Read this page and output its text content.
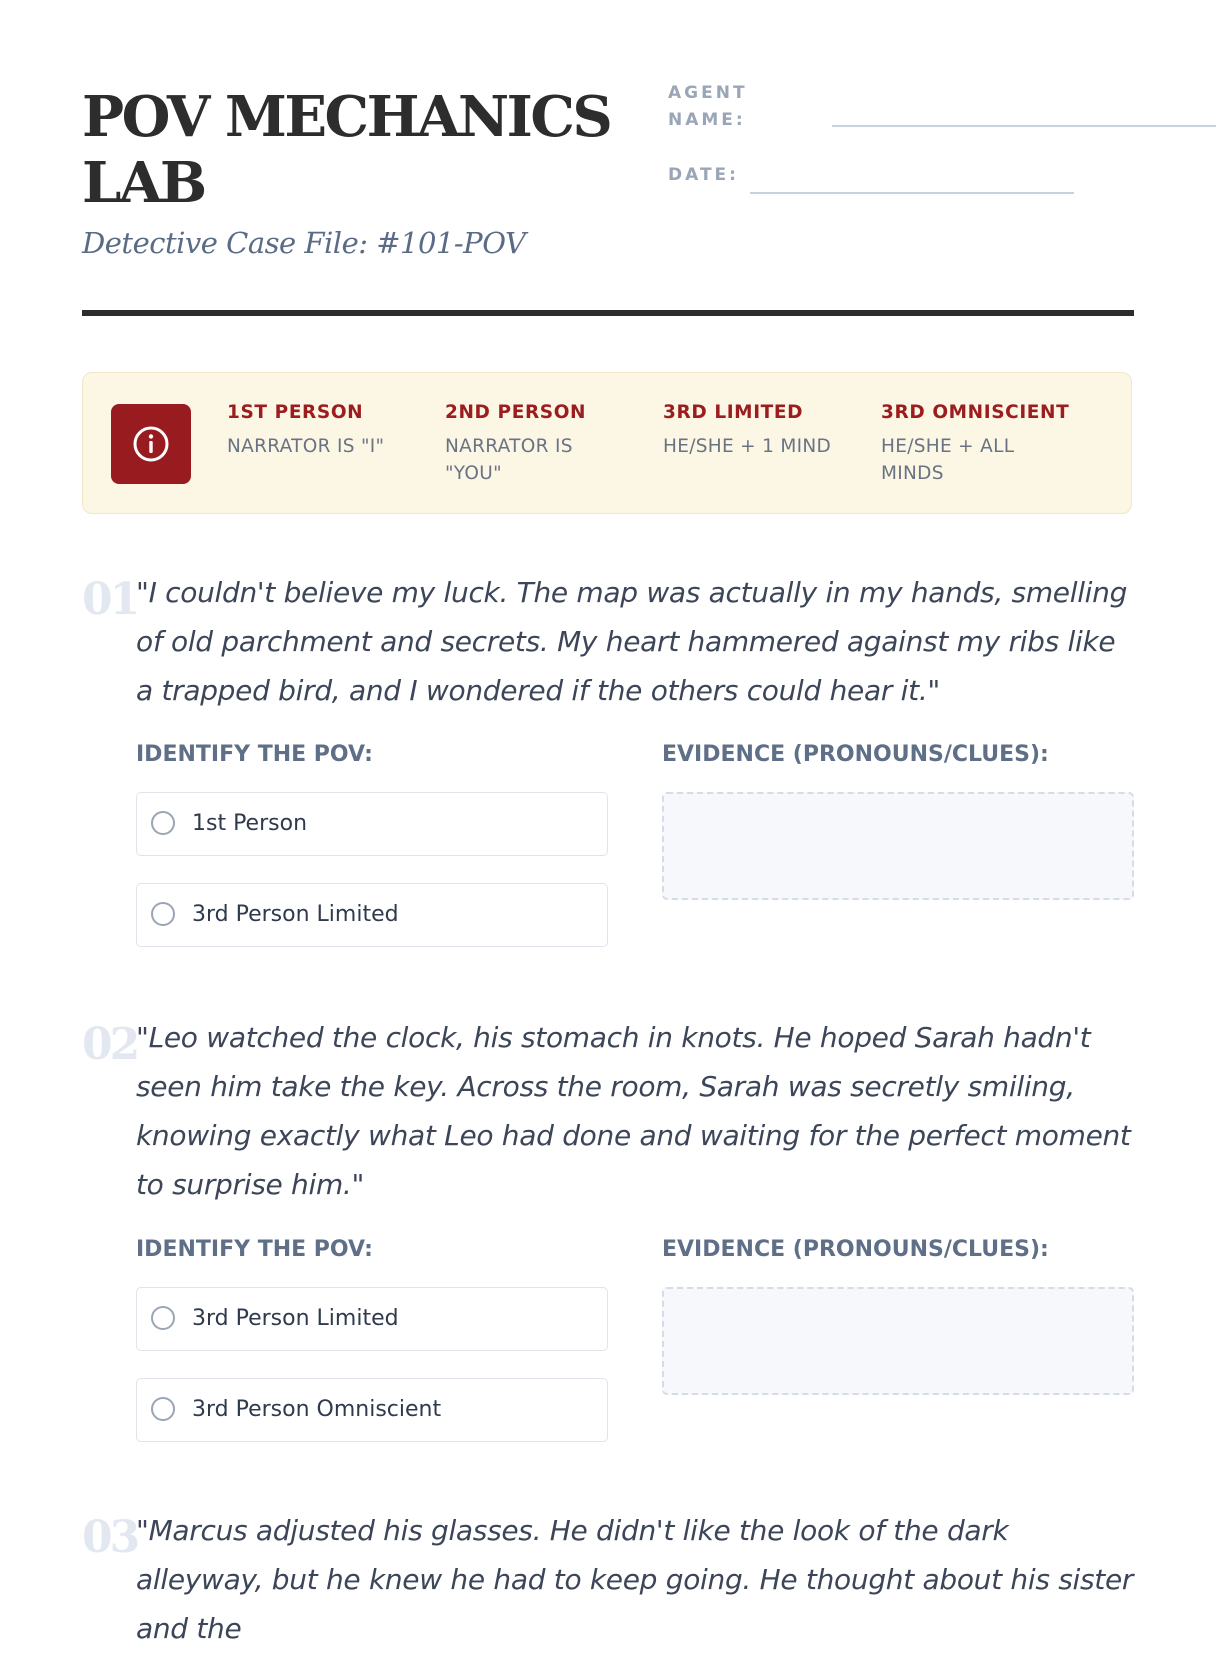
POV MECHANICS LAB
Detective Case File: #101-POV
AGENT NAME:
DATE:
1ST PERSON
NARRATOR IS "I"
2ND PERSON
NARRATOR IS "YOU"
3RD LIMITED
HE/SHE + 1 MIND
3RD OMNISCIENT
HE/SHE + ALL MINDS
01

"I couldn't believe my luck. The map was actually in my hands, smelling of old parchment and secrets. My heart hammered against my ribs like a trapped bird, and I wondered if the others could hear it."

IDENTIFY THE POV:	EVIDENCE (PRONOUNS/CLUES):
1st Person
3rd Person Limited
02

"Leo watched the clock, his stomach in knots. He hoped Sarah hadn't seen him take the key. Across the room, Sarah was secretly smiling, knowing exactly what Leo had done and waiting for the perfect moment to surprise him."

IDENTIFY THE POV:	EVIDENCE (PRONOUNS/CLUES):
3rd Person Limited
3rd Person Omniscient
03

"Marcus adjusted his glasses. He didn't like the look of the dark alleyway, but he knew he had to keep going. He thought about his sister and the
